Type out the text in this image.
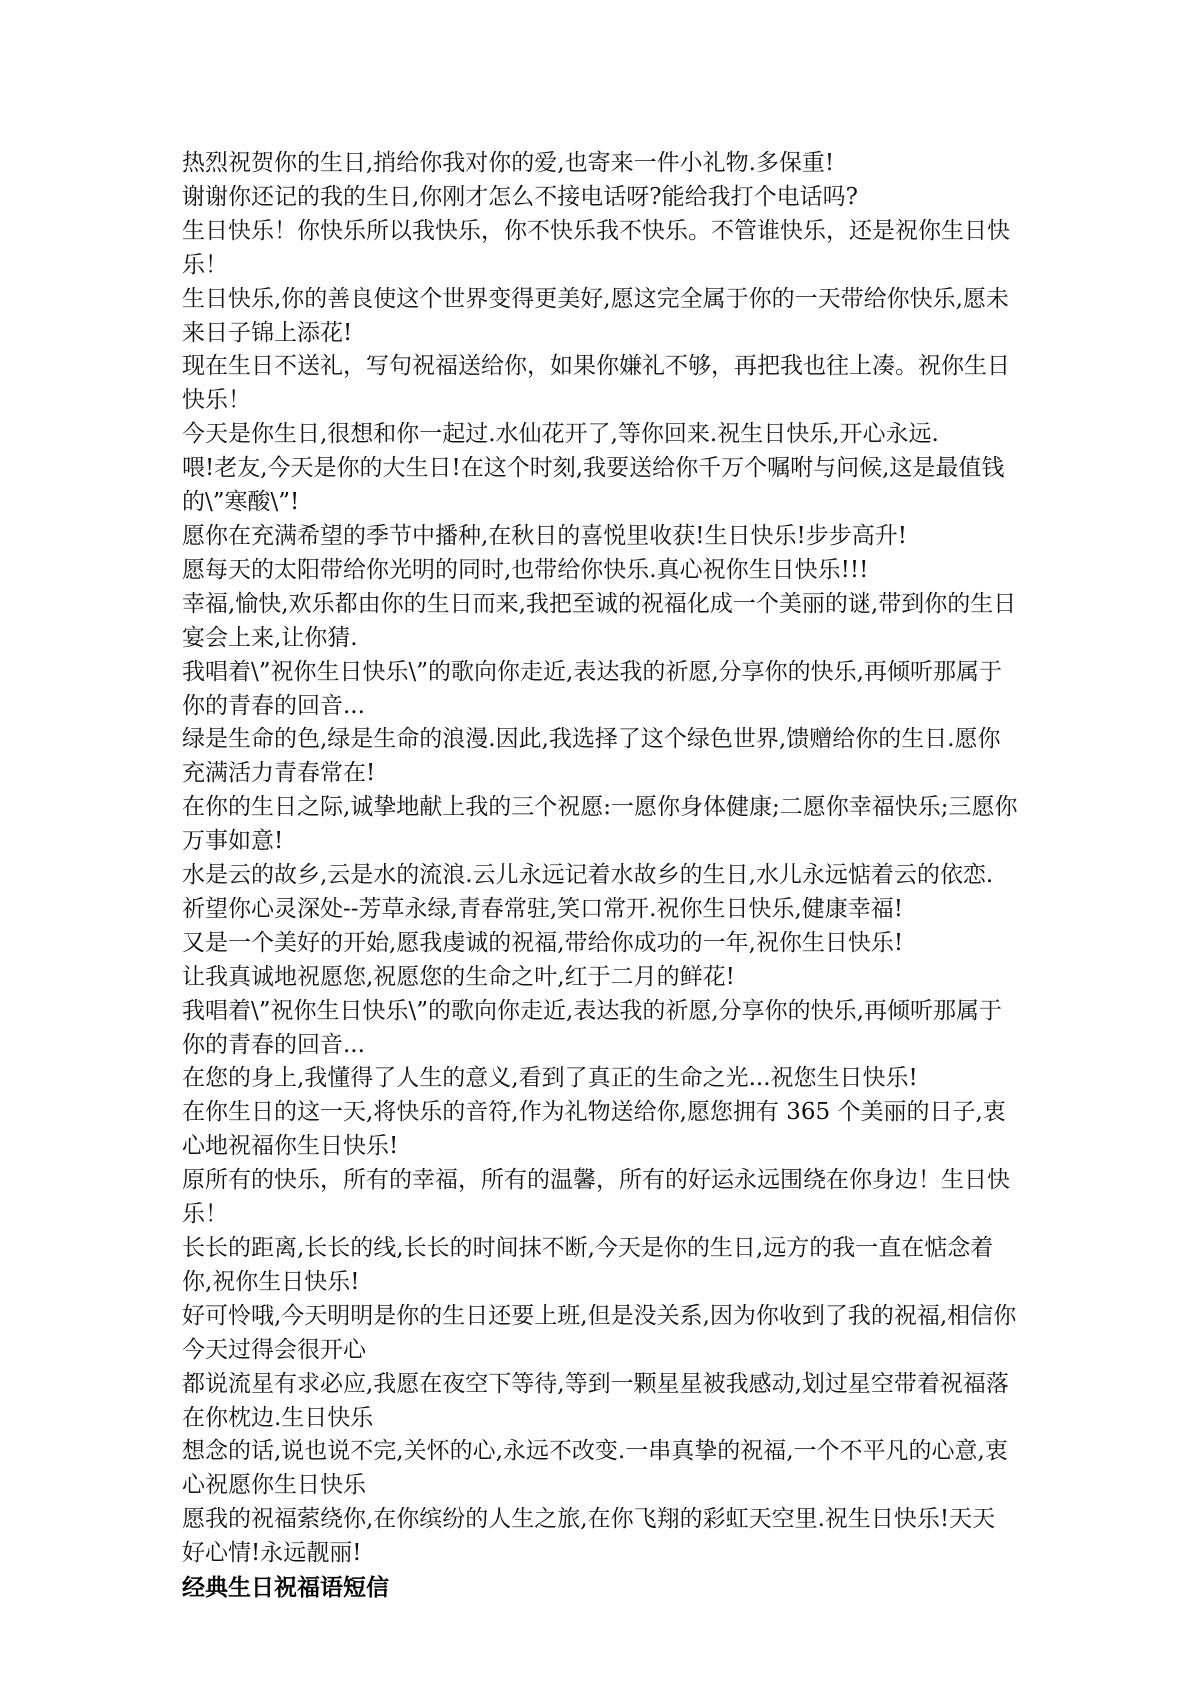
热烈祝贺你的生日,捎给你我对你的爱,也寄来一件小礼物.多保重!

谢谢你还记的我的生日,你刚才怎么不接电话呀?能给我打个电话吗?

生日快乐！你快乐所以我快乐，你不快乐我不快乐。不管谁快乐，还是祝你生日快乐！

生日快乐,你的善良使这个世界变得更美好,愿这完全属于你的一天带给你快乐,愿未来日子锦上添花!

现在生日不送礼，写句祝福送给你，如果你嫌礼不够，再把我也往上凑。祝你生日快乐！

今天是你生日,很想和你一起过.水仙花开了,等你回来.祝生日快乐,开心永远.

喂!老友,今天是你的大生日!在这个时刻,我要送给你千万个嘱咐与问候,这是最值钱的\”寒酸\”!

愿你在充满希望的季节中播种,在秋日的喜悦里收获!生日快乐!步步高升!

愿每天的太阳带给你光明的同时,也带给你快乐.真心祝你生日快乐!!!

幸福,愉快,欢乐都由你的生日而来,我把至诚的祝福化成一个美丽的谜,带到你的生日宴会上来,让你猜.

我唱着\”祝你生日快乐\”的歌向你走近,表达我的祈愿,分享你的快乐,再倾听那属于你的青春的回音...

绿是生命的色,绿是生命的浪漫.因此,我选择了这个绿色世界,馈赠给你的生日.愿你充满活力青春常在!

在你的生日之际,诚挚地献上我的三个祝愿:一愿你身体健康;二愿你幸福快乐;三愿你万事如意!

水是云的故乡,云是水的流浪.云儿永远记着水故乡的生日,水儿永远惦着云的依恋.

祈望你心灵深处--芳草永绿,青春常驻,笑口常开.祝你生日快乐,健康幸福!

又是一个美好的开始,愿我虔诚的祝福,带给你成功的一年,祝你生日快乐!

让我真诚地祝愿您,祝愿您的生命之叶,红于二月的鲜花!

我唱着\”祝你生日快乐\”的歌向你走近,表达我的祈愿,分享你的快乐,再倾听那属于你的青春的回音...

在您的身上,我懂得了人生的意义,看到了真正的生命之光...祝您生日快乐!

在你生日的这一天,将快乐的音符,作为礼物送给你,愿您拥有 365 个美丽的日子,衷心地祝福你生日快乐!

原所有的快乐，所有的幸福，所有的温馨，所有的好运永远围绕在你身边！生日快乐！

长长的距离,长长的线,长长的时间抹不断,今天是你的生日,远方的我一直在惦念着你,祝你生日快乐!

好可怜哦,今天明明是你的生日还要上班,但是没关系,因为你收到了我的祝福,相信你今天过得会很开心

都说流星有求必应,我愿在夜空下等待,等到一颗星星被我感动,划过星空带着祝福落在你枕边.生日快乐

想念的话,说也说不完,关怀的心,永远不改变.一串真挚的祝福,一个不平凡的心意,衷心祝愿你生日快乐

愿我的祝福萦绕你,在你缤纷的人生之旅,在你飞翔的彩虹天空里.祝生日快乐!天天好心情!永远靓丽!

经典生日祝福语短信
